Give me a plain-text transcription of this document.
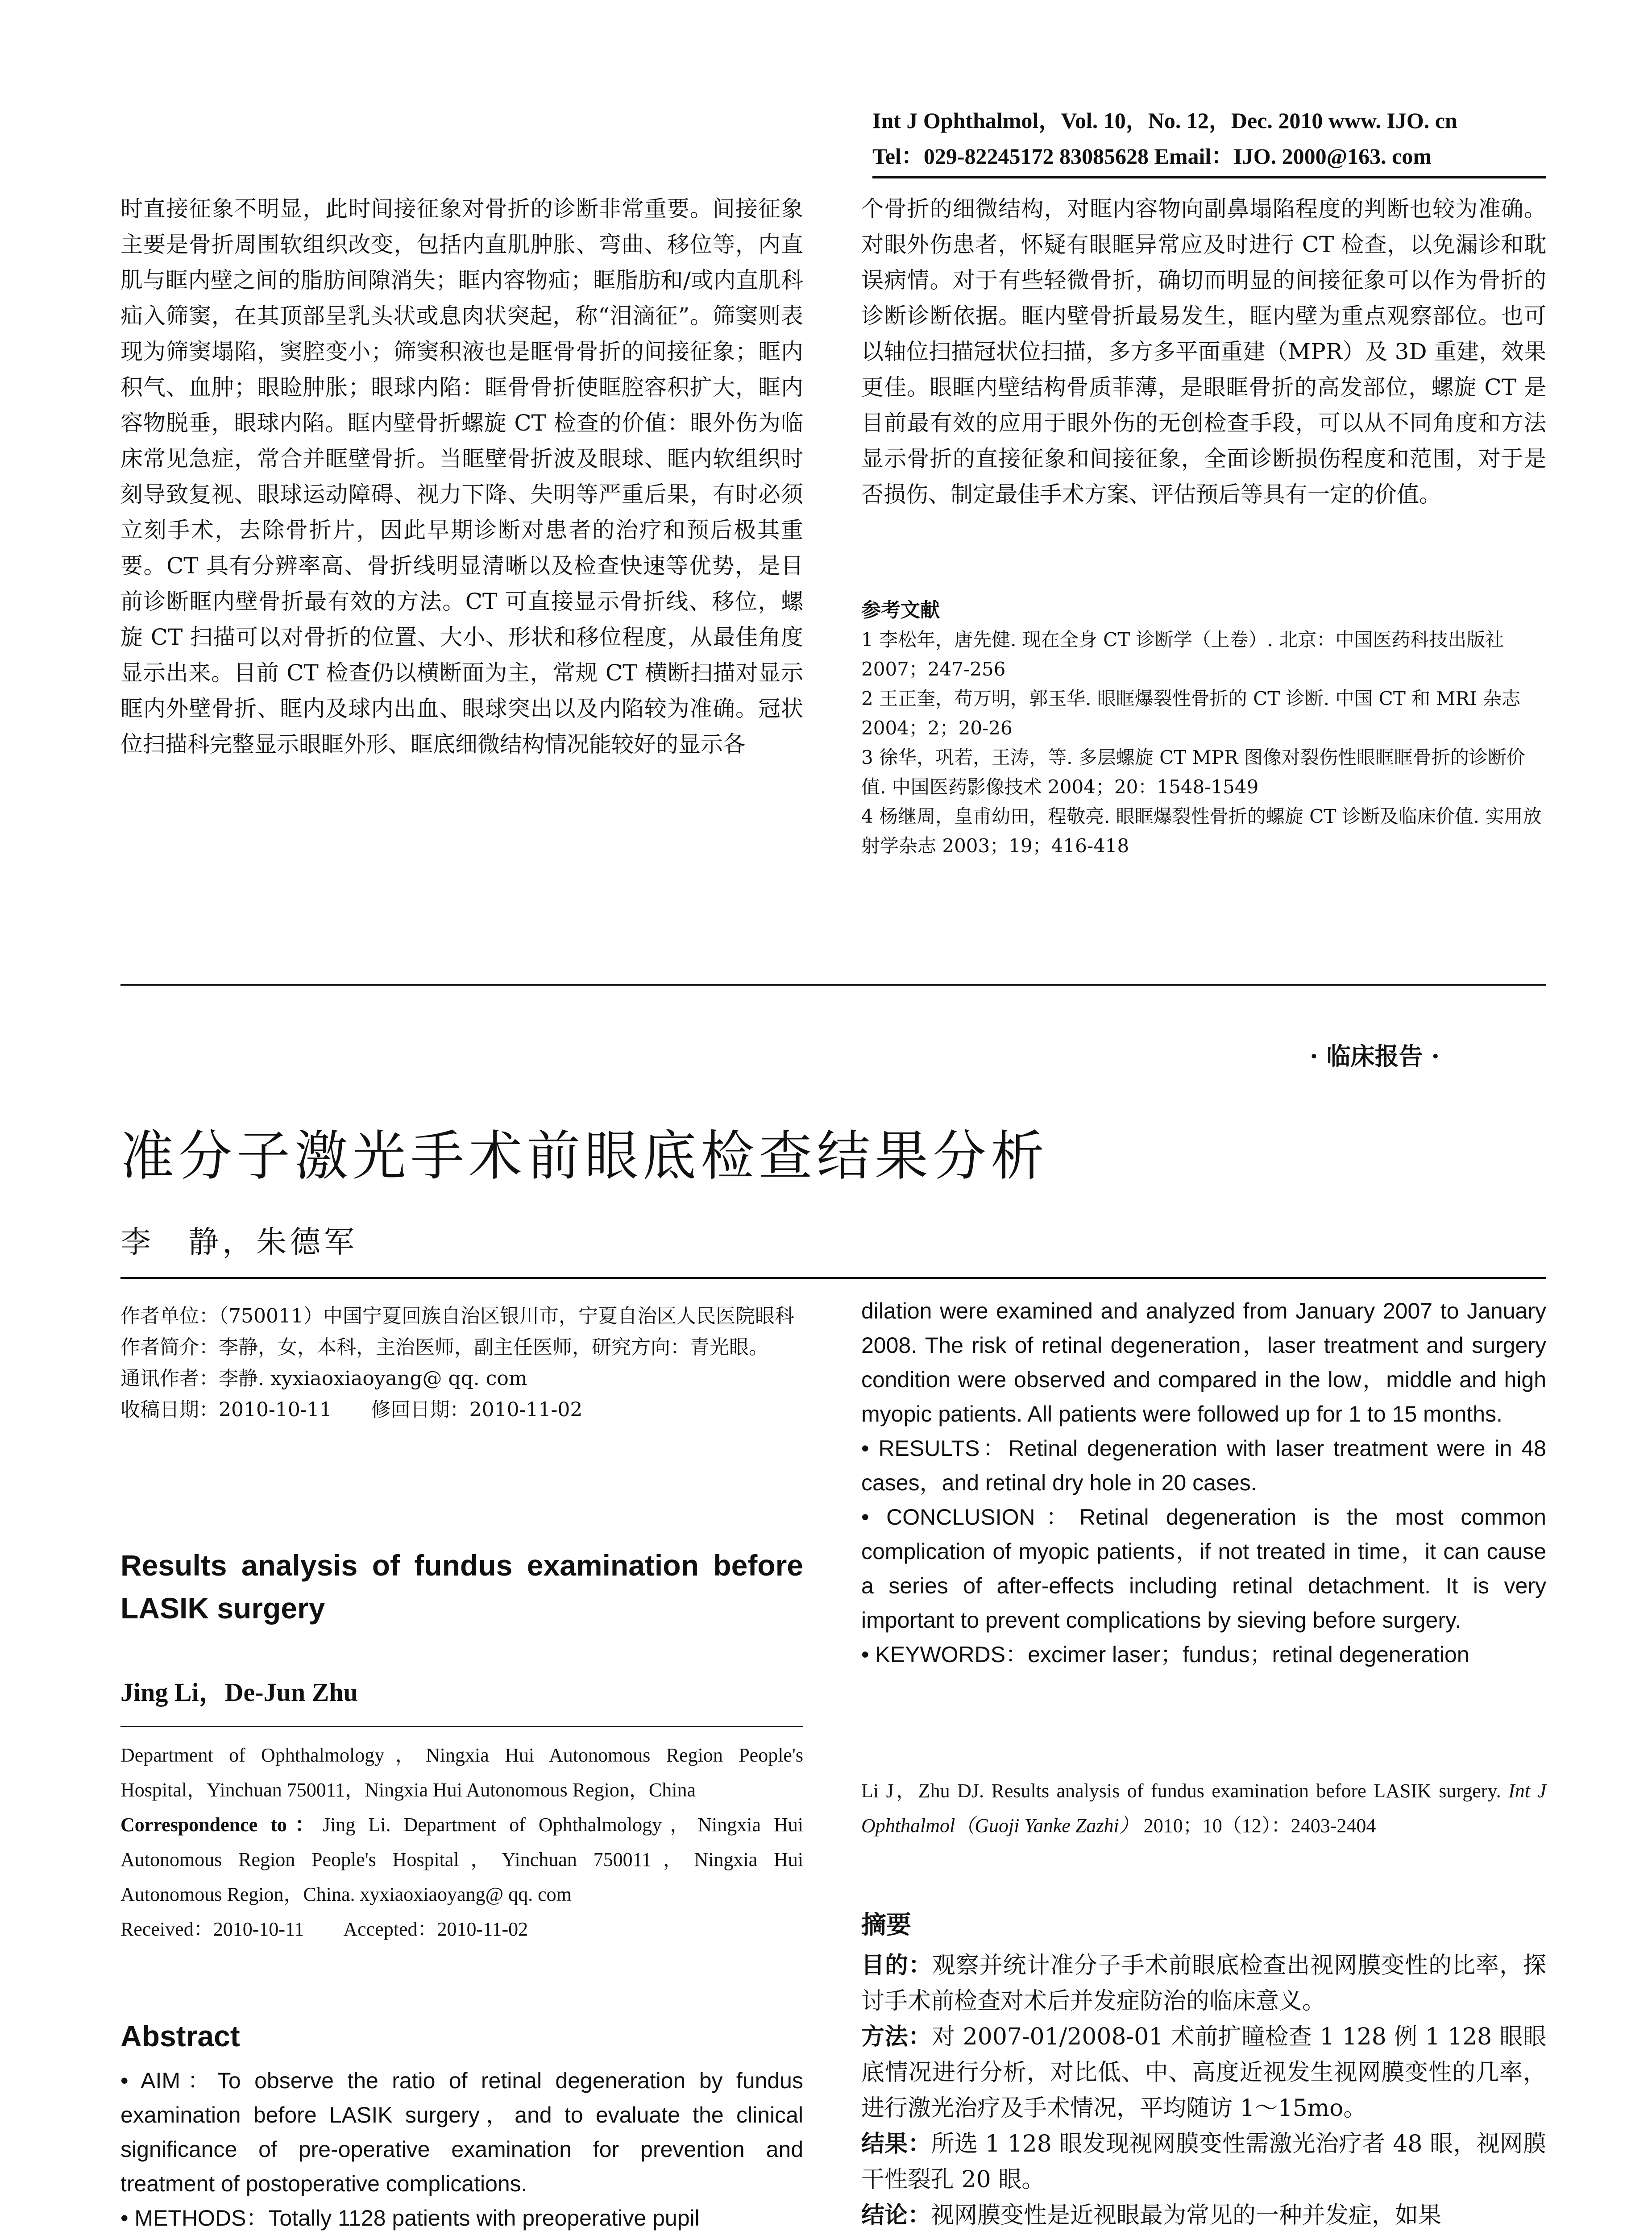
Int J Ophthalmol，Vol. 10，No. 12，Dec. 2010 www. IJO. cn
Tel：029-82245172 83085628 Email：IJO. 2000@163. com

时直接征象不明显，此时间接征象对骨折的诊断非常重要。间接征象主要是骨折周围软组织改变，包括内直肌肿胀、弯曲、移位等，内直肌与眶内壁之间的脂肪间隙消失；眶内容物疝；眶脂肪和/或内直肌科疝入筛窦，在其顶部呈乳头状或息肉状突起，称“泪滴征”。筛窦则表现为筛窦塌陷，窦腔变小；筛窦积液也是眶骨骨折的间接征象；眶内积气、血肿；眼睑肿胀；眼球内陷：眶骨骨折使眶腔容积扩大，眶内容物脱垂，眼球内陷。眶内壁骨折螺旋 CT 检查的价值：眼外伤为临床常见急症，常合并眶壁骨折。当眶壁骨折波及眼球、眶内软组织时刻导致复视、眼球运动障碍、视力下降、失明等严重后果，有时必须立刻手术，去除骨折片，因此早期诊断对患者的治疗和预后极其重要。CT 具有分辨率高、骨折线明显清晰以及检查快速等优势，是目前诊断眶内壁骨折最有效的方法。CT 可直接显示骨折线、移位，螺旋 CT 扫描可以对骨折的位置、大小、形状和移位程度，从最佳角度显示出来。目前 CT 检查仍以横断面为主，常规 CT 横断扫描对显示眶内外壁骨折、眶内及球内出血、眼球突出以及内陷较为准确。冠状位扫描科完整显示眼眶外形、眶底细微结构情况能较好的显示各

个骨折的细微结构，对眶内容物向副鼻塌陷程度的判断也较为准确。对眼外伤患者，怀疑有眼眶异常应及时进行 CT 检查，以免漏诊和耽误病情。对于有些轻微骨折，确切而明显的间接征象可以作为骨折的诊断诊断依据。眶内壁骨折最易发生，眶内壁为重点观察部位。也可以轴位扫描冠状位扫描，多方多平面重建（MPR）及 3D 重建，效果更佳。眼眶内壁结构骨质菲薄，是眼眶骨折的高发部位，螺旋 CT 是目前最有效的应用于眼外伤的无创检查手段，可以从不同角度和方法显示骨折的直接征象和间接征象，全面诊断损伤程度和范围，对于是否损伤、制定最佳手术方案、评估预后等具有一定的价值。

参考文献
1 李松年，唐先健. 现在全身 CT 诊断学（上卷）. 北京：中国医药科技出版社 2007；247-256
2 王正奎，苟万明，郭玉华. 眼眶爆裂性骨折的 CT 诊断. 中国 CT 和 MRI 杂志 2004；2；20-26
3 徐华，巩若，王涛，等. 多层螺旋 CT MPR 图像对裂伤性眼眶眶骨折的诊断价值. 中国医药影像技术 2004；20：1548-1549
4 杨继周，皇甫幼田，程敬亮. 眼眶爆裂性骨折的螺旋 CT 诊断及临床价值. 实用放射学杂志 2003；19；416-418
· 临床报告 ·
准分子激光手术前眼底检查结果分析
李　静，朱德军
作者单位：（750011）中国宁夏回族自治区银川市，宁夏自治区人民医院眼科
作者简介：李静，女，本科，主治医师，副主任医师，研究方向：青光眼。
通讯作者：李静. xyxiaoxiaoyang@ qq. com
收稿日期：2010-10-11　　修回日期：2010-11-02
Results analysis of fundus examination before LASIK surgery
Jing Li，De-Jun Zhu

Department of Ophthalmology，Ningxia Hui Autonomous Region People's Hospital，Yinchuan 750011，Ningxia Hui Autonomous Region，China

Correspondence to：Jing Li. Department of Ophthalmology，Ningxia Hui Autonomous Region People's Hospital，Yinchuan 750011，Ningxia Hui Autonomous Region，China. xyxiaoxiaoyang@ qq. com

Received：2010-10-11　　Accepted：2010-11-02

Abstract

• AIM：To observe the ratio of retinal degeneration by fundus examination before LASIK surgery，and to evaluate the clinical significance of pre-operative examination for prevention and treatment of postoperative complications.

• METHODS：Totally 1128 patients with preoperative pupil

dilation were examined and analyzed from January 2007 to January 2008. The risk of retinal degeneration，laser treatment and surgery condition were observed and compared in the low，middle and high myopic patients. All patients were followed up for 1 to 15 months.

• RESULTS：Retinal degeneration with laser treatment were in 48 cases，and retinal dry hole in 20 cases.

• CONCLUSION：Retinal degeneration is the most common complication of myopic patients，if not treated in time，it can cause a series of after-effects including retinal detachment. It is very important to prevent complications by sieving before surgery.

• KEYWORDS：excimer laser；fundus；retinal degeneration

Li J，Zhu DJ. Results analysis of fundus examination before LASIK surgery. Int J Ophthalmol（Guoji Yanke Zazhi） 2010；10（12）：2403-2404
摘要

目的：观察并统计准分子手术前眼底检查出视网膜变性的比率，探讨手术前检查对术后并发症防治的临床意义。

方法：对 2007-01/2008-01 术前扩瞳检查 1 128 例 1 128 眼眼底情况进行分析，对比低、中、高度近视发生视网膜变性的几率，进行激光治疗及手术情况，平均随访 1～15mo。

结果：所选 1 128 眼发现视网膜变性需激光治疗者 48 眼，视网膜干性裂孔 20 眼。

结论：视网膜变性是近视眼最为常见的一种并发症，如果
